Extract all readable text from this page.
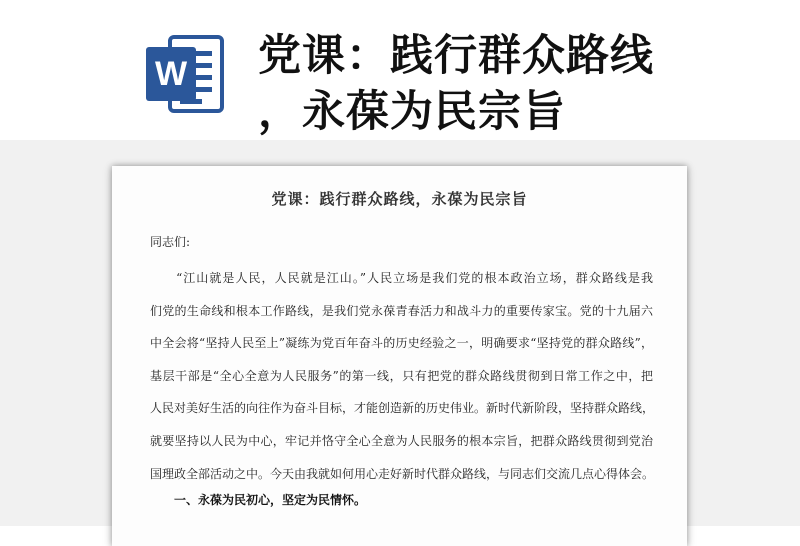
W 党课：践行群众路线
，永葆为民宗旨
党课：践行群众路线，永葆为民宗旨
同志们:
　　“江山就是人民，人民就是江山。”人民立场是我们党的根本政治立场，群众路线是我
们党的生命线和根本工作路线，是我们党永葆青春活力和战斗力的重要传家宝。党的十九届六
中全会将“坚持人民至上”凝练为党百年奋斗的历史经验之一，明确要求“坚持党的群众路线”，
基层干部是“全心全意为人民服务”的第一线，只有把党的群众路线贯彻到日常工作之中，把
人民对美好生活的向往作为奋斗目标，才能创造新的历史伟业。新时代新阶段，坚持群众路线，
就要坚持以人民为中心，牢记并恪守全心全意为人民服务的根本宗旨，把群众路线贯彻到党治
国理政全部活动之中。今天由我就如何用心走好新时代群众路线，与同志们交流几点心得体会。
一、永葆为民初心，坚定为民情怀。
